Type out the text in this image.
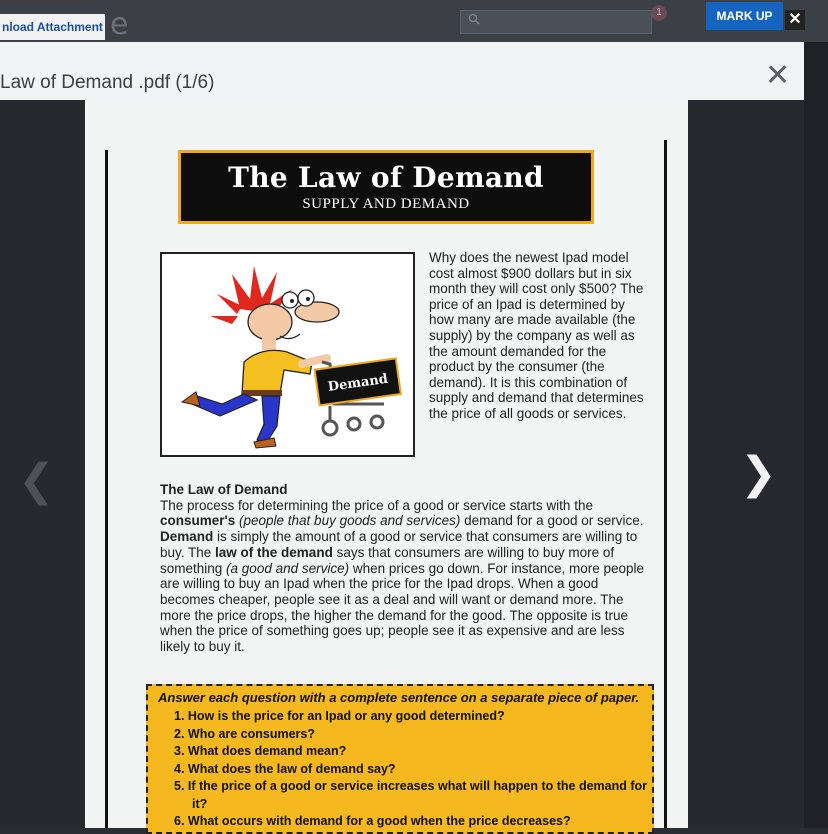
nload Attachment e	1	MARK UP ✕
Law of Demand .pdf (1/6)	✕
❮	❯
The Law of Demand
SUPPLY AND DEMAND
Demand
Why does the newest Ipad model cost almost $900 dollars but in six month they will cost only $500? The price of an Ipad is determined by how many are made available (the supply) by the company as well as the amount demanded for the product by the consumer (the demand). It is this combination of supply and demand that determines the price of all goods or services.
The Law of Demand
The process for determining the price of a good or service starts with the consumer's (people that buy goods and services) demand for a good or service. Demand is simply the amount of a good or service that consumers are willing to buy. The law of the demand says that consumers are willing to buy more of something (a good and service) when prices go down. For instance, more people are willing to buy an Ipad when the price for the Ipad drops. When a good becomes cheaper, people see it as a deal and will want or demand more. The more the price drops, the higher the demand for the good. The opposite is true when the price of something goes up; people see it as expensive and are less likely to buy it.
Answer each question with a complete sentence on a separate piece of paper.
1. How is the price for an Ipad or any good determined?
2. Who are consumers?
3. What does demand mean?
4. What does the law of demand say?
5. If the price of a good or service increases what will happen to the demand for it?
6. What occurs with demand for a good when the price decreases?
